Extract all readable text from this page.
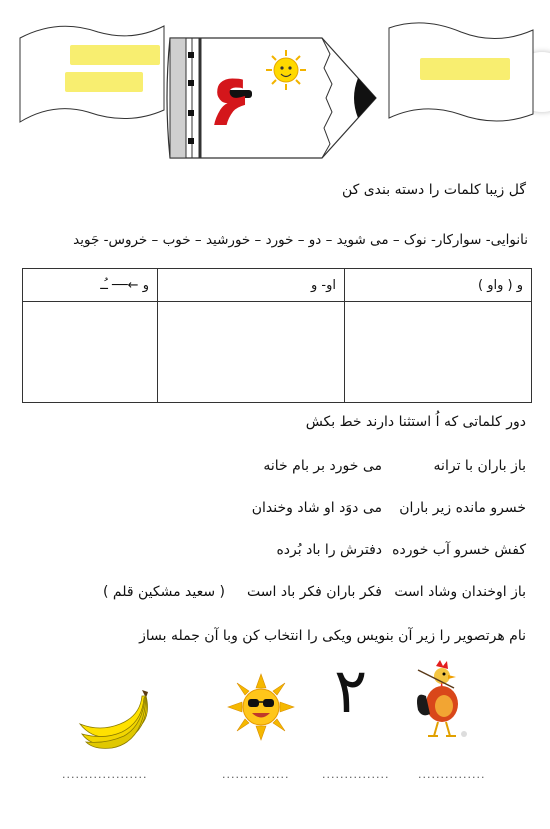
۶
گل زیبا کلمات را دسته بندی کن
نانوایی- سوارکار- نوک – می شوید – دو – خورد – خورشید – خوب – خروس- جَوید
و ( واو )	او- و	و ←── ـُـ

دور کلماتی که اُ استثنا دارند خط بکش
باز باران با ترانه
می خورد بر بام خانه
خسرو مانده زیر باران
می دوَد او شاد وخندان
کفش خسرو آب خورده
دفترش را باد بُرده
باز اوخندان وشاد است
فکر باران فکر باد است
( سعید مشکین قلم )
نام هرتصویر را زیر آن بنویس ویکی را انتخاب کن وبا آن جمله بساز
۲
...............
...............
...............
...................
